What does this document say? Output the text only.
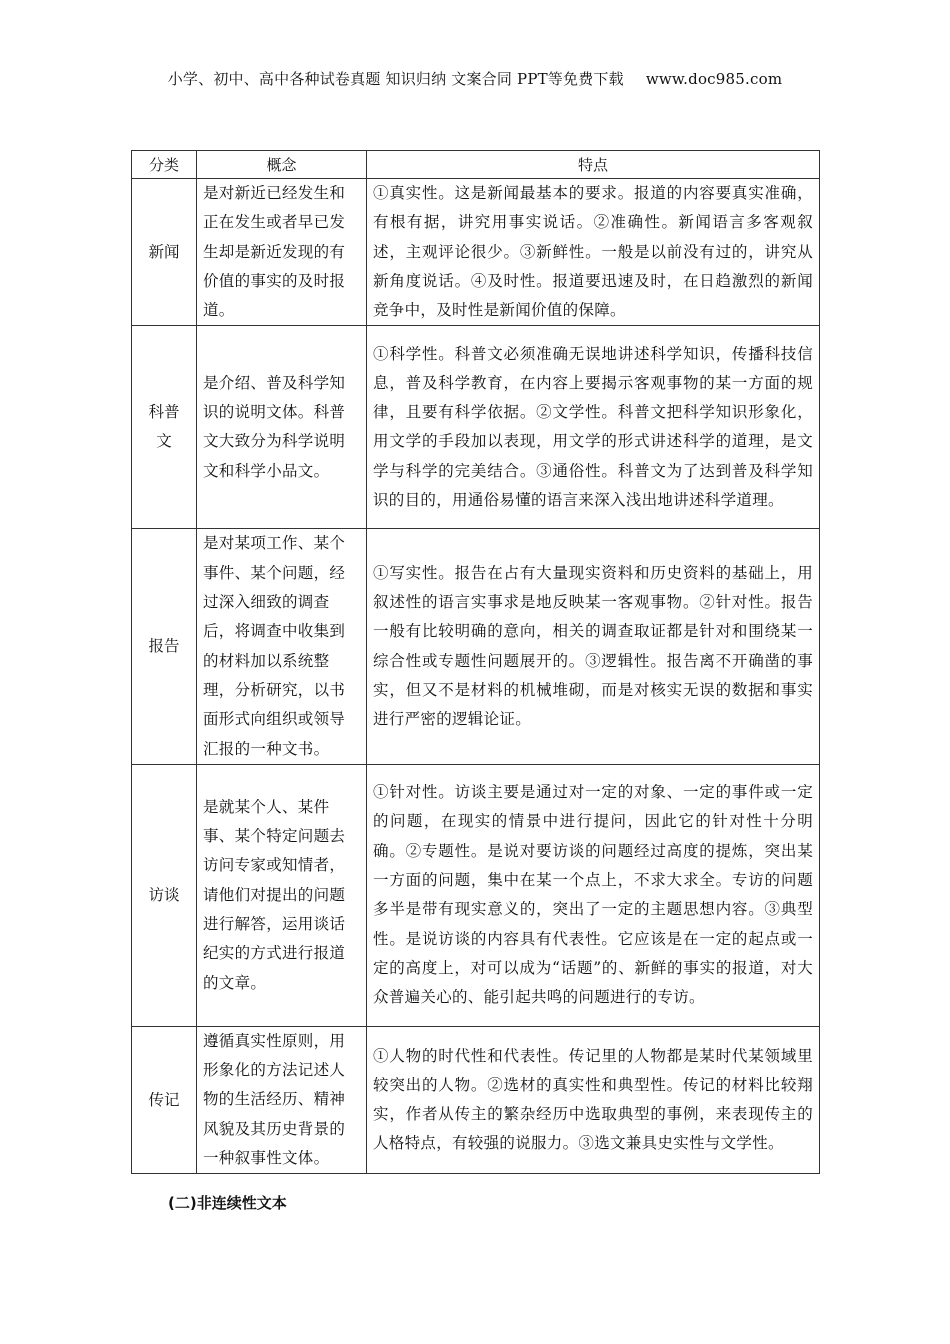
小学、初中、高中各种试卷真题 知识归纳 文案合同 PPT等免费下载 www.doc985.com
分类	概念	特点
新闻	是对新近已经发生和正在发生或者早已发生却是新近发现的有价值的事实的及时报道。	①真实性。这是新闻最基本的要求。报道的内容要真实准确，有根有据，讲究用事实说话。②准确性。新闻语言多客观叙述，主观评论很少。③新鲜性。一般是以前没有过的，讲究从新角度说话。④及时性。报道要迅速及时，在日趋激烈的新闻竞争中，及时性是新闻价值的保障。
科普文	是介绍、普及科学知识的说明文体。科普文大致分为科学说明文和科学小品文。	①科学性。科普文必须准确无误地讲述科学知识，传播科技信息，普及科学教育，在内容上要揭示客观事物的某一方面的规律，且要有科学依据。②文学性。科普文把科学知识形象化，用文学的手段加以表现，用文学的形式讲述科学的道理，是文学与科学的完美结合。③通俗性。科普文为了达到普及科学知识的目的，用通俗易懂的语言来深入浅出地讲述科学道理。
报告	是对某项工作、某个事件、某个问题，经过深入细致的调查后，将调查中收集到的材料加以系统整理，分析研究，以书面形式向组织或领导汇报的一种文书。	①写实性。报告在占有大量现实资料和历史资料的基础上，用叙述性的语言实事求是地反映某一客观事物。②针对性。报告一般有比较明确的意向，相关的调查取证都是针对和围绕某一综合性或专题性问题展开的。③逻辑性。报告离不开确凿的事实，但又不是材料的机械堆砌，而是对核实无误的数据和事实进行严密的逻辑论证。
访谈	是就某个人、某件事、某个特定问题去访问专家或知情者，请他们对提出的问题进行解答，运用谈话纪实的方式进行报道的文章。	①针对性。访谈主要是通过对一定的对象、一定的事件或一定的问题，在现实的情景中进行提问，因此它的针对性十分明确。②专题性。是说对要访谈的问题经过高度的提炼，突出某一方面的问题，集中在某一个点上，不求大求全。专访的问题多半是带有现实意义的，突出了一定的主题思想内容。③典型性。是说访谈的内容具有代表性。它应该是在一定的起点或一定的高度上，对可以成为“话题”的、新鲜的事实的报道，对大众普遍关心的、能引起共鸣的问题进行的专访。
传记	遵循真实性原则，用形象化的方法记述人物的生活经历、精神风貌及其历史背景的一种叙事性文体。	①人物的时代性和代表性。传记里的人物都是某时代某领域里较突出的人物。②选材的真实性和典型性。传记的材料比较翔实，作者从传主的繁杂经历中选取典型的事例，来表现传主的人格特点，有较强的说服力。③选文兼具史实性与文学性。
(二)非连续性文本
